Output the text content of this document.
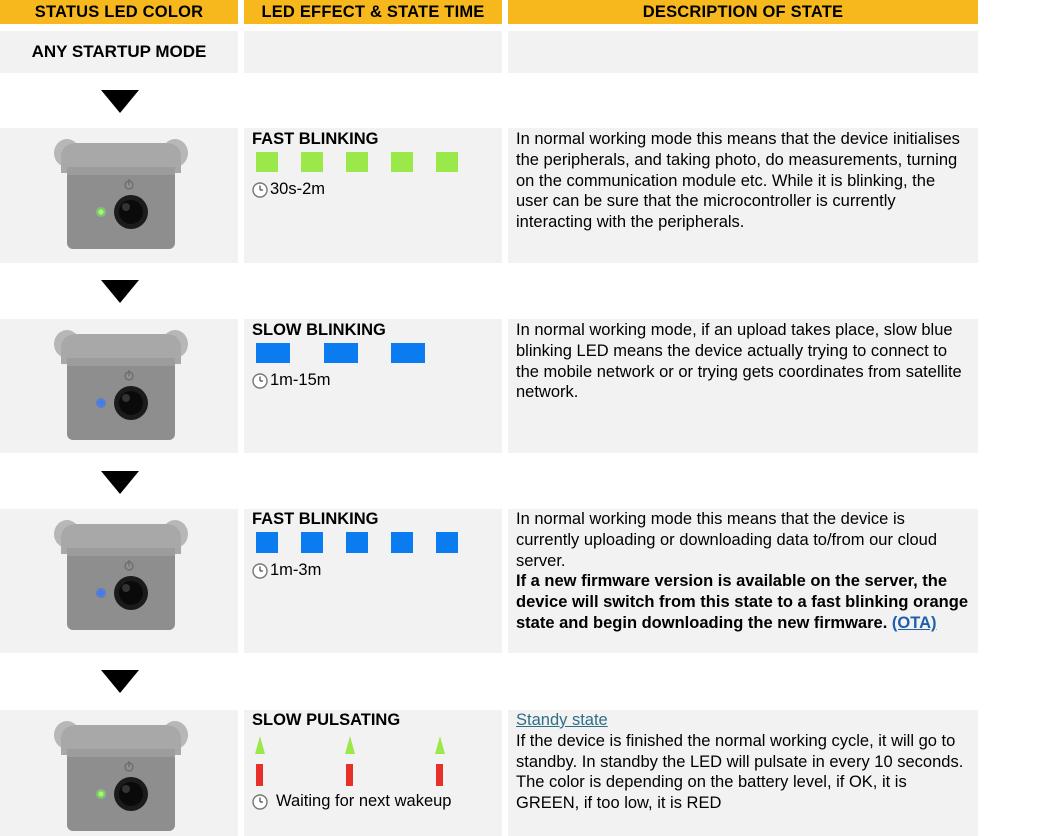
STATUS LED COLOR	LED EFFECT & STATE TIME	DESCRIPTION OF STATE
ANY STARTUP MODE
FAST BLINKING
30s-2m
In normal working mode this means that the device initialises the peripherals, and taking photo, do measurements, turning on the communication module etc. While it is blinking, the user can be sure that the microcontroller is currently interacting with the peripherals.
SLOW BLINKING
1m-15m
In normal working mode, if an upload takes place, slow blue blinking LED means the device actually trying to connect to the mobile network or or trying gets coordinates from satellite network.
FAST BLINKING
1m-3m
In normal working mode this means that the device is currently uploading or downloading data to/from our cloud server.
If a new firmware version is available on the server, the device will switch from this state to a fast blinking orange state and begin downloading the new firmware. (OTA)
SLOW PULSATING
Waiting for next wakeup
Standy state
If the device is finished the normal working cycle, it will go to standby. In standby the LED will pulsate in every 10 seconds. The color is depending on the battery level, if OK, it is GREEN, if too low, it is RED
